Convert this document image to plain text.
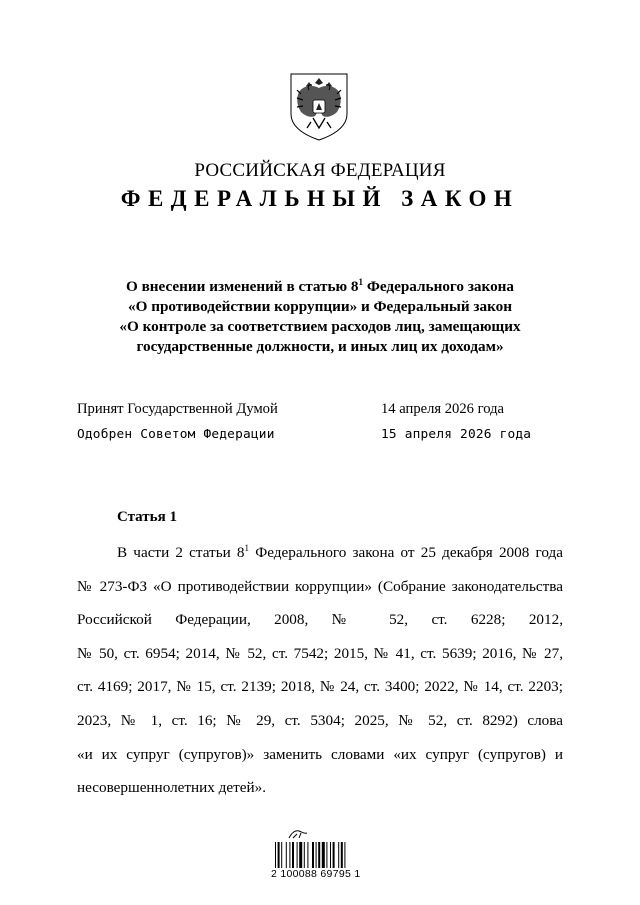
РОССИЙСКАЯ ФЕДЕРАЦИЯ
ФЕДЕРАЛЬНЫЙ ЗАКОН
О внесении изменений в статью $8^1$ Федерального закона
«О противодействии коррупции» и Федеральный закон
«О контроле за соответствием расходов лиц, замещающих
государственные должности, и иных лиц их доходам»
Принят Государственной Думой	14 апреля 2026 года
Одобрен Советом Федерации	15 апреля 2026 года
Статья 1
В части 2 статьи $8^1$ Федерального закона от 25 декабря 2008 года
№ 273-ФЗ «О противодействии коррупции» (Собрание законодательства
Российской Федерации, 2008, № 52, ст. 6228; 2012,
№ 50, ст. 6954; 2014, № 52, ст. 7542; 2015, № 41, ст. 5639; 2016, № 27,
ст. 4169; 2017, № 15, ст. 2139; 2018, № 24, ст. 3400; 2022, № 14, ст. 2203;
2023, № 1, ст. 16; № 29, ст. 5304; 2025, № 52, ст. 8292) слова
«и их супруг (супругов)» заменить словами «их супруг (супругов) и
несовершеннолетних детей».
2 100088 69795 1
